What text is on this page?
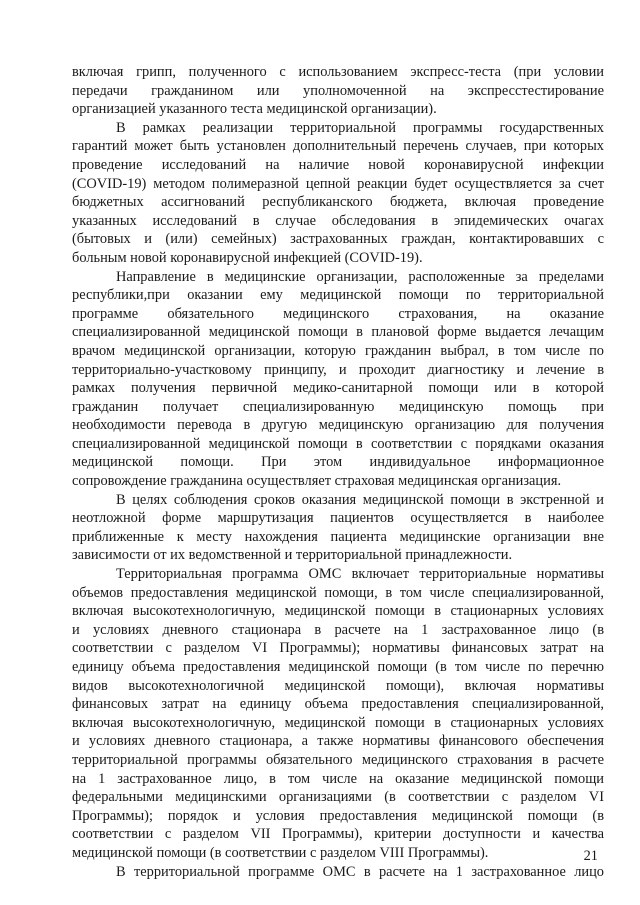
включая грипп, полученного с использованием экспресс-теста (при условии
передачи гражданином или уполномоченной на экспресстестирование
организацией указанного теста медицинской организации).
В рамках реализации территориальной программы государственных
гарантий может быть установлен дополнительный перечень случаев, при которых
проведение исследований на наличие новой коронавирусной инфекции
(COVID-19) методом полимеразной цепной реакции будет осуществляется за счет
бюджетных ассигнований республиканского бюджета, включая проведение
указанных исследований в случае обследования в эпидемических очагах
(бытовых и (или) семейных) застрахованных граждан, контактировавших с
больным новой коронавирусной инфекцией (COVID-19).
Направление в медицинские организации, расположенные за пределами
республики,при оказании ему медицинской помощи по территориальной
программе обязательного медицинского страхования, на оказание
специализированной медицинской помощи в плановой форме выдается лечащим
врачом медицинской организации, которую гражданин выбрал, в том числе по
территориально-участковому принципу, и проходит диагностику и лечение в
рамках получения первичной медико-санитарной помощи или в которой
гражданин получает специализированную медицинскую помощь при
необходимости перевода в другую медицинскую организацию для получения
специализированной медицинской помощи в соответствии с порядками оказания
медицинской помощи. При этом индивидуальное информационное
сопровождение гражданина осуществляет страховая медицинская организация.
В целях соблюдения сроков оказания медицинской помощи в экстренной и
неотложной форме маршрутизация пациентов осуществляется в наиболее
приближенные к месту нахождения пациента медицинские организации вне
зависимости от их ведомственной и территориальной принадлежности.
Территориальная программа ОМС включает территориальные нормативы
объемов предоставления медицинской помощи, в том числе специализированной,
включая высокотехнологичную, медицинской помощи в стационарных условиях
и условиях дневного стационара в расчете на 1 застрахованное лицо (в
соответствии с разделом VI Программы); нормативы финансовых затрат на
единицу объема предоставления медицинской помощи (в том числе по перечню
видов высокотехнологичной медицинской помощи), включая нормативы
финансовых затрат на единицу объема предоставления специализированной,
включая высокотехнологичную, медицинской помощи в стационарных условиях
и условиях дневного стационара, а также нормативы финансового обеспечения
территориальной программы обязательного медицинского страхования в расчете
на 1 застрахованное лицо, в том числе на оказание медицинской помощи
федеральными медицинскими организациями (в соответствии с разделом VI
Программы); порядок и условия предоставления медицинской помощи (в
соответствии с разделом VII Программы), критерии доступности и качества
медицинской помощи (в соответствии с разделом VIII Программы).
В территориальной программе ОМС в расчете на 1 застрахованное лицо
21
